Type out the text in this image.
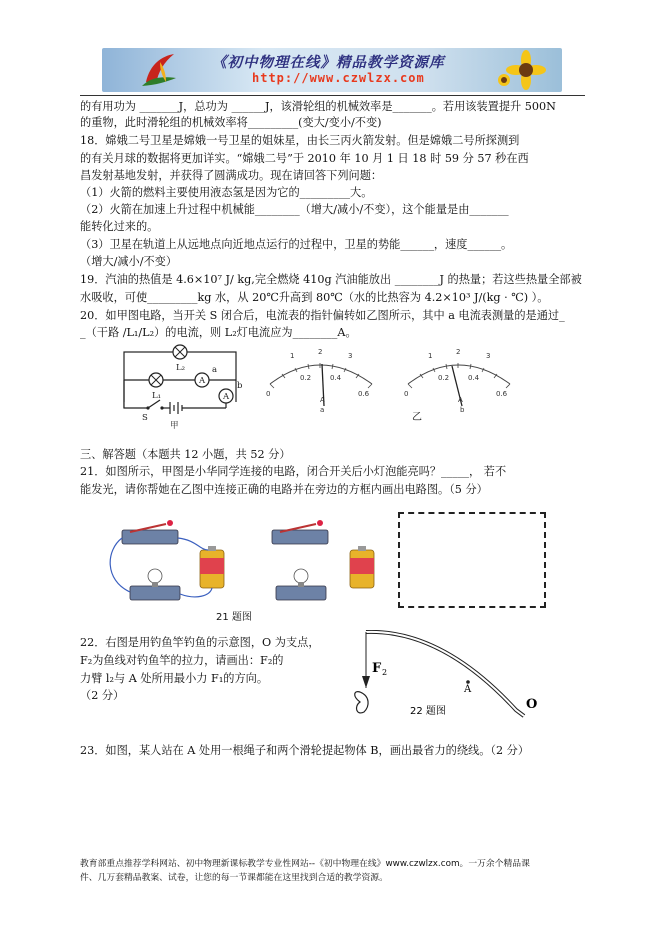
《初中物理在线》精品教学资源库
http://www.czwlzx.com
的有用功为 _______J，总功为 ______J，该滑轮组的机械效率是_______。若用该装置提升 500N
的重物，此时滑轮组的机械效率将_________(变大/变小/不变)
18．嫦娥二号卫星是嫦娥一号卫星的姐妹星，由长三丙火箭发射。但是嫦娥二号所探测到
的有关月球的数据将更加详实。“嫦娥二号”于 2010 年 10 月 1 日 18 时 59 分 57 秒在西
昌发射基地发射，并获得了圆满成功。现在请回答下列问题：
（1）火箭的燃料主要使用液态氢是因为它的_________大。
（2）火箭在加速上升过程中机械能________（增大/减小/不变），这个能量是由_______
能转化过来的。
（3）卫星在轨道上从远地点向近地点运行的过程中，卫星的势能______，速度______。
（增大/减小/不变）
19．汽油的热值是 4.6×10⁷ J/ kg,完全燃烧 410g 汽油能放出 ________J 的热量；若这些热量全部被
水吸收，可使_________kg 水，从 20℃升高到 80℃（水的比热容为 4.2×10³ J/(kg · ℃) ）。
20．如甲图电路，当开关 S 闭合后，电流表的指针偏转如乙图所示，其中 a 电流表测量的是通过_
_（干路 /L₁/L₂）的电流，则 L₂灯电流应为________A。
L₂
L₁
A
A
a
b
S
甲
1	2	3
0
0.2	0.4
0.6
A
a
乙
1	2	3
0
0.2	0.4
0.6
A
b
三、解答题（本题共 12 小题，共 52 分）
21．如图所示，甲图是小华同学连接的电路，闭合开关后小灯泡能亮吗？_____， 若不
能发光，请你帮她在乙图中连接正确的电路并在旁边的方框内画出电路图。（5 分）
21 题图
22．右图是用钓鱼竿钓鱼的示意图，O 为支点，
F₂为鱼线对钓鱼竿的拉力，请画出：F₂的
力臂 l₂与 A 处所用最小力 F₁的方向。
（2 分）
F 2
A
O
22 题图
23．如图，某人站在 A 处用一根绳子和两个滑轮提起物体 B，画出最省力的绕线。（2 分）
教育部重点推荐学科网站、初中物理新课标教学专业性网站--《初中物理在线》www.czwlzx.com。一万余个精品课
件、几万套精品教案、试卷，让您的每一节课都能在这里找到合适的教学资源。
